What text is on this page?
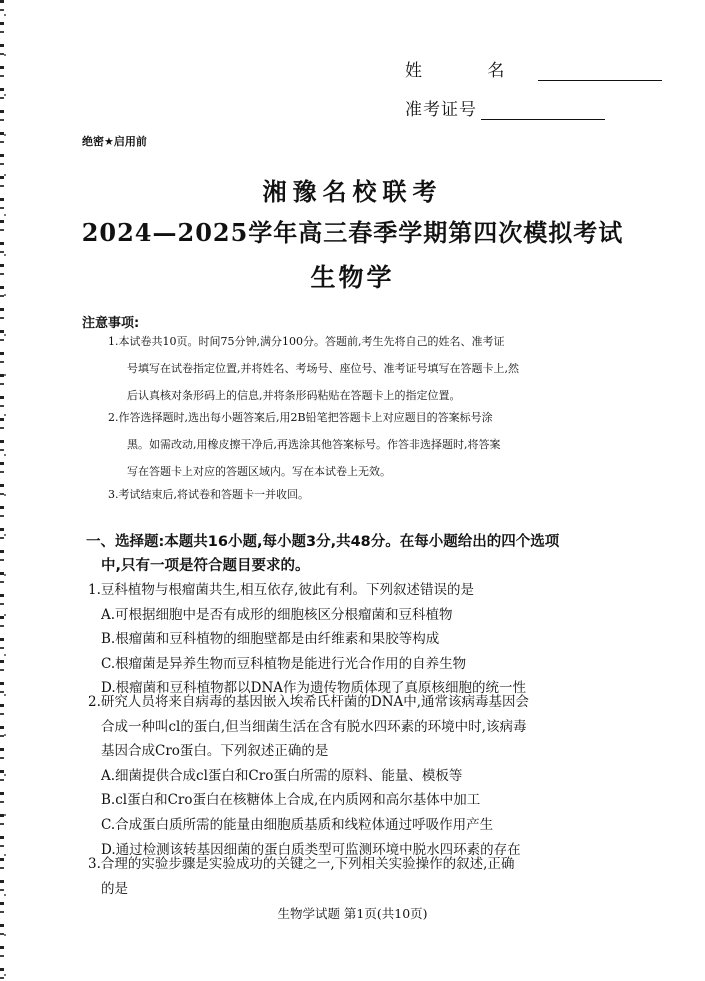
姓 名
准考证号
绝密★启用前
湘豫名校联考
2024—2025学年高三春季学期第四次模拟考试
生物学
注意事项:
1.本试卷共10页。时间75分钟,满分100分。答题前,考生先将自己的姓名、准考证
号填写在试卷指定位置,并将姓名、考场号、座位号、准考证号填写在答题卡上,然
后认真核对条形码上的信息,并将条形码粘贴在答题卡上的指定位置。
2.作答选择题时,选出每小题答案后,用2B铅笔把答题卡上对应题目的答案标号涂
黑。如需改动,用橡皮擦干净后,再选涂其他答案标号。作答非选择题时,将答案
写在答题卡上对应的答题区域内。写在本试卷上无效。
3.考试结束后,将试卷和答题卡一并收回。
一、选择题:本题共16小题,每小题3分,共48分。在每小题给出的四个选项
中,只有一项是符合题目要求的。
1.豆科植物与根瘤菌共生,相互依存,彼此有利。下列叙述错误的是
A.可根据细胞中是否有成形的细胞核区分根瘤菌和豆科植物
B.根瘤菌和豆科植物的细胞壁都是由纤维素和果胶等构成
C.根瘤菌是异养生物而豆科植物是能进行光合作用的自养生物
D.根瘤菌和豆科植物都以DNA作为遗传物质体现了真原核细胞的统一性
2.研究人员将来自病毒的基因嵌入埃希氏杆菌的DNA中,通常该病毒基因会
合成一种叫cl的蛋白,但当细菌生活在含有脱水四环素的环境中时,该病毒
基因合成Cro蛋白。下列叙述正确的是
A.细菌提供合成cl蛋白和Cro蛋白所需的原料、能量、模板等
B.cl蛋白和Cro蛋白在核糖体上合成,在内质网和高尔基体中加工
C.合成蛋白质所需的能量由细胞质基质和线粒体通过呼吸作用产生
D.通过检测该转基因细菌的蛋白质类型可监测环境中脱水四环素的存在
3.合理的实验步骤是实验成功的关键之一,下列相关实验操作的叙述,正确
的是
生物学试题 第1页(共10页)
